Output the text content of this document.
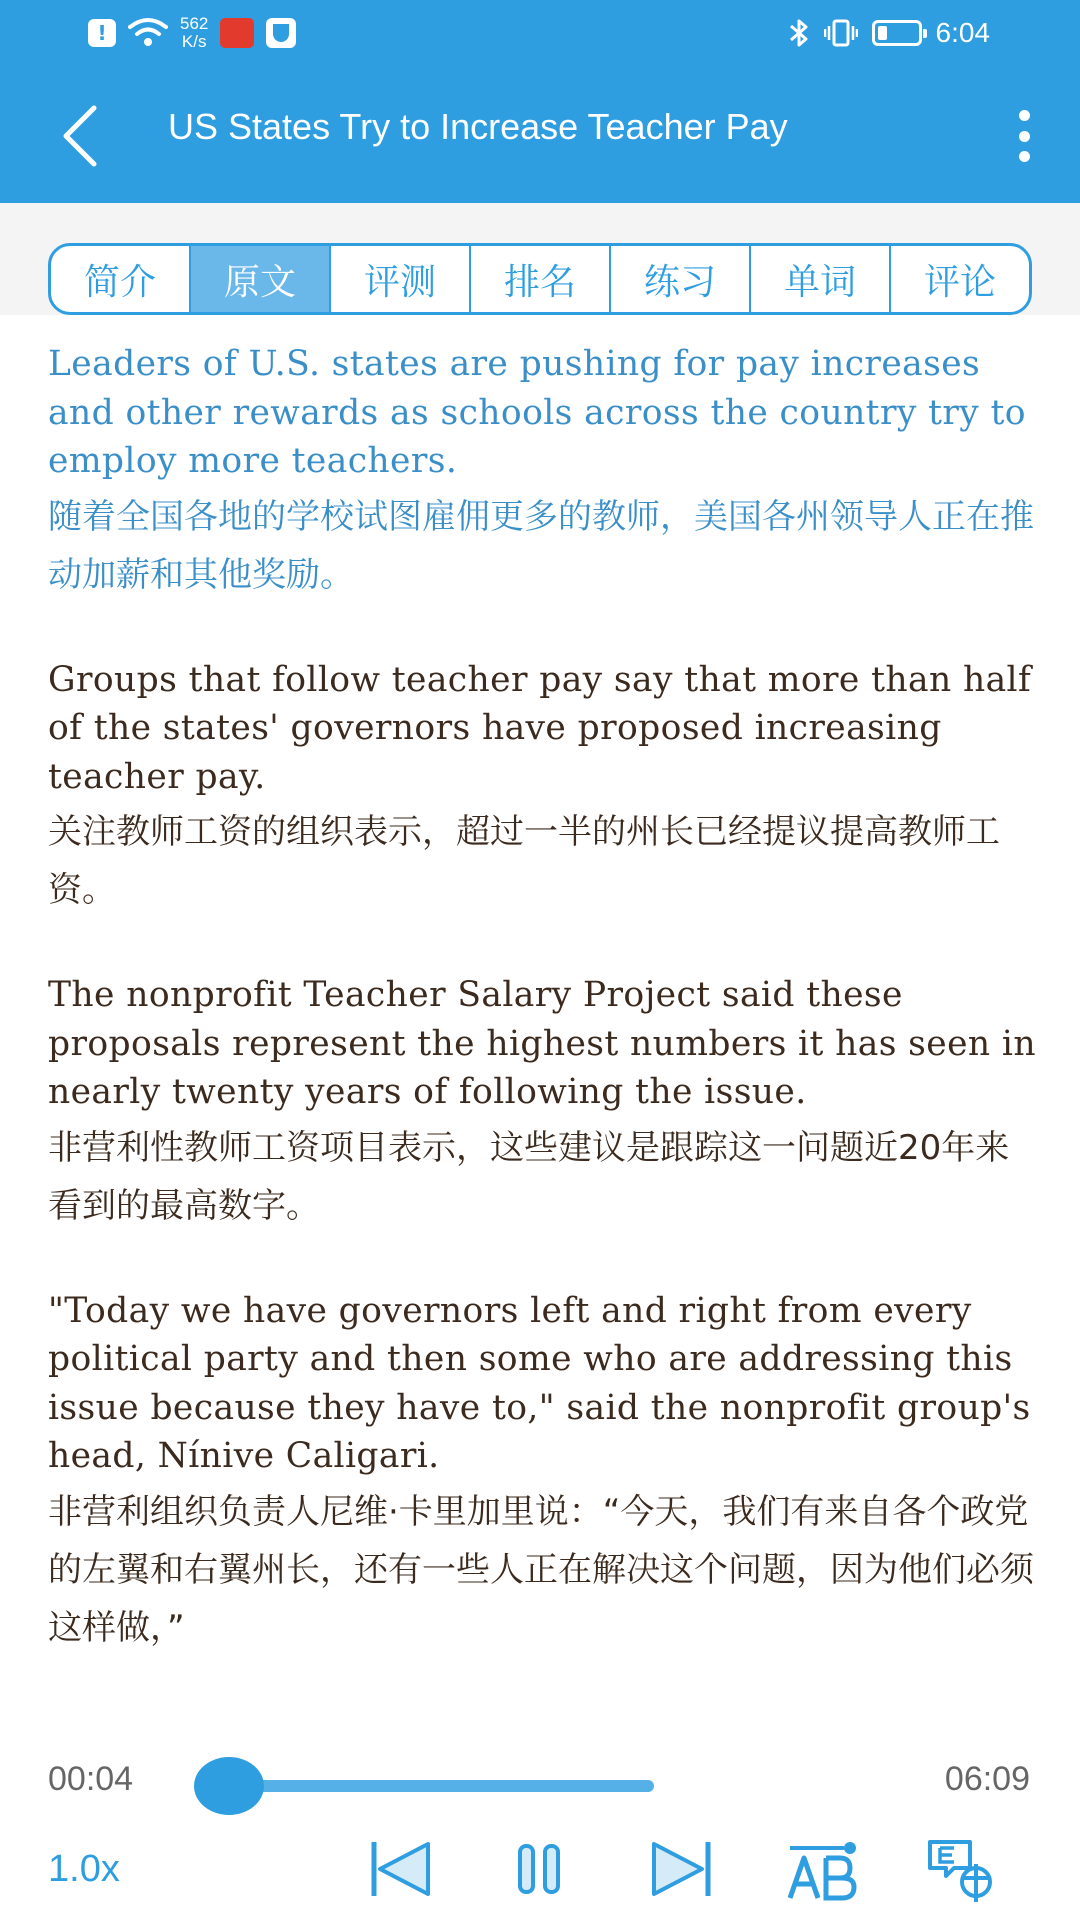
!	562
K/s	6:04
US States Try to Increase Teacher Pay
简介	原文	评测	排名	练习	单词	评论
Leaders of U.S. states are pushing for pay increases and other rewards as schools across the country try to employ more teachers.
随着全国各地的学校试图雇佣更多的教师，美国各州领导人正在推动加薪和其他奖励。
Groups that follow teacher pay say that more than half of the states' governors have proposed increasing teacher pay.
关注教师工资的组织表示，超过一半的州长已经提议提高教师工资。
The nonprofit Teacher Salary Project said these proposals represent the highest numbers it has seen in nearly twenty years of following the issue.
非营利性教师工资项目表示，这些建议是跟踪这一问题近20年来看到的最高数字。
"Today we have governors left and right from every political party and then some who are addressing this issue because they have to," said the nonprofit group's head, Nínive Caligari.
非营利组织负责人尼维·卡里加里说：“今天，我们有来自各个政党的左翼和右翼州长，还有一些人正在解决这个问题，因为他们必须这样做，”
00:04	06:09
1.0x
